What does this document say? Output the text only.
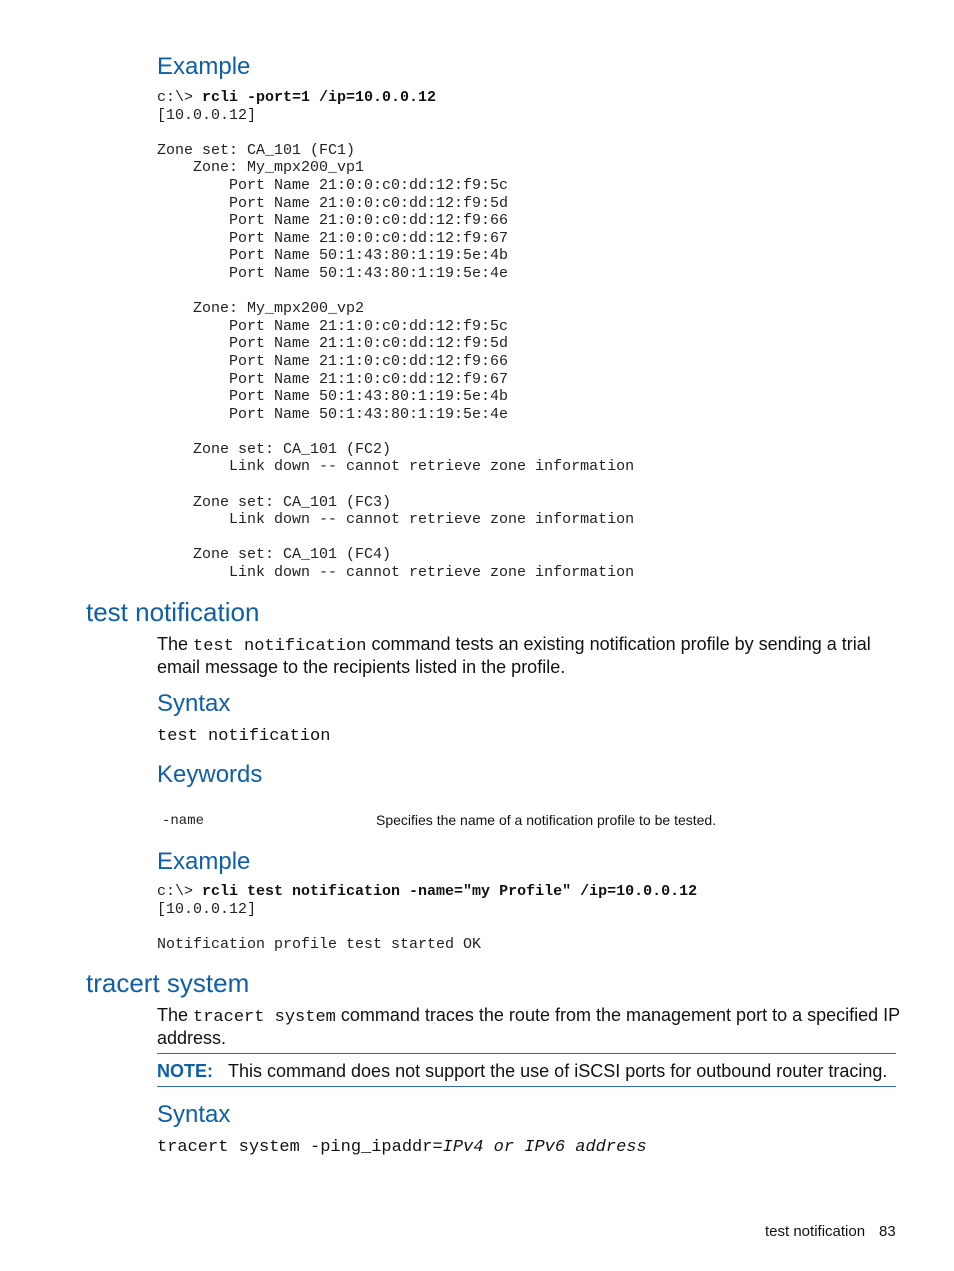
Example
c:\> rcli -port=1 /ip=10.0.0.12
[10.0.0.12]

Zone set: CA_101 (FC1)
Zone: My_mpx200_vp1
Port Name 21:0:0:c0:dd:12:f9:5c
Port Name 21:0:0:c0:dd:12:f9:5d
Port Name 21:0:0:c0:dd:12:f9:66
Port Name 21:0:0:c0:dd:12:f9:67
Port Name 50:1:43:80:1:19:5e:4b
Port Name 50:1:43:80:1:19:5e:4e

Zone: My_mpx200_vp2
Port Name 21:1:0:c0:dd:12:f9:5c
Port Name 21:1:0:c0:dd:12:f9:5d
Port Name 21:1:0:c0:dd:12:f9:66
Port Name 21:1:0:c0:dd:12:f9:67
Port Name 50:1:43:80:1:19:5e:4b
Port Name 50:1:43:80:1:19:5e:4e

Zone set: CA_101 (FC2)
Link down -- cannot retrieve zone information

Zone set: CA_101 (FC3)
Link down -- cannot retrieve zone information

Zone set: CA_101 (FC4)
Link down -- cannot retrieve zone information
test notification
The test notification command tests an existing notification profile by sending a trial email message to the recipients listed in the profile.
Syntax
test notification
Keywords
-name	Specifies the name of a notification profile to be tested.
Example
c:\> rcli test notification -name="my Profile" /ip=10.0.0.12
[10.0.0.12]

Notification profile test started OK
tracert system
The tracert system command traces the route from the management port to a specified IP address.
NOTE: This command does not support the use of iSCSI ports for outbound router tracing.
Syntax
tracert system -ping_ipaddr=IPv4 or IPv6 address
test notification 83
